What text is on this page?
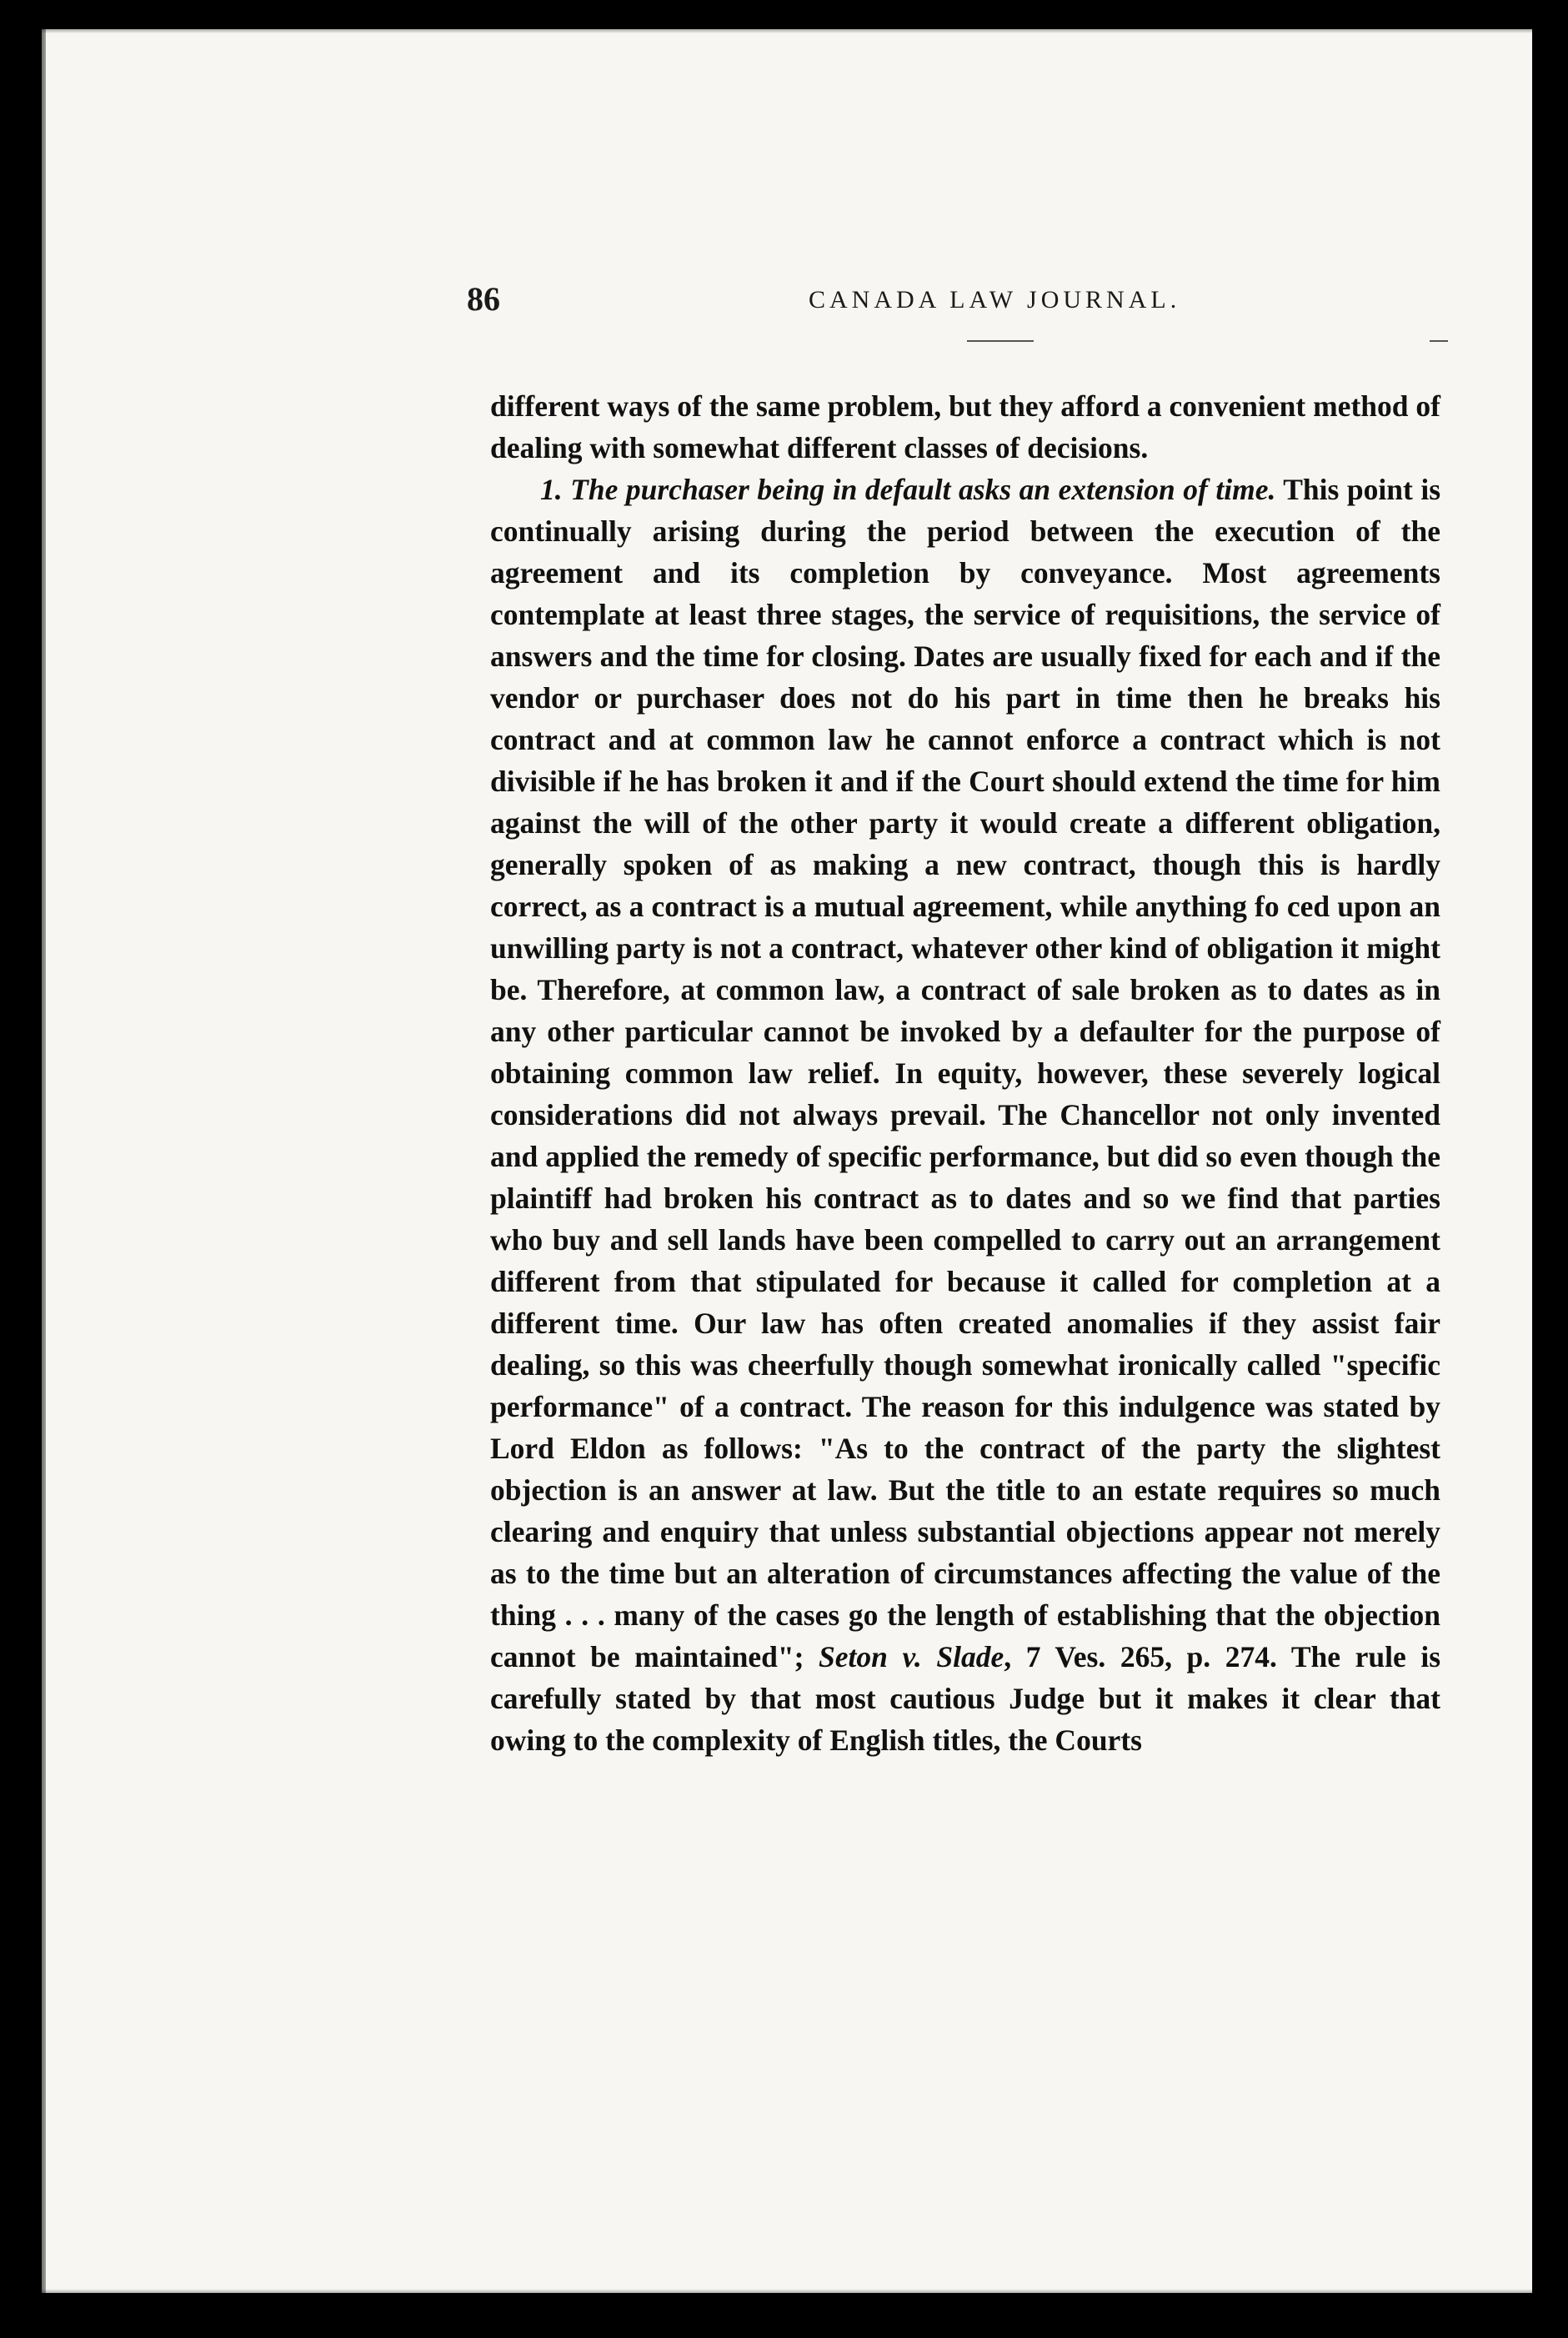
86	CANADA LAW JOURNAL.

different ways of the same problem, but they afford a convenient method of dealing with somewhat different classes of decisions.

1. The purchaser being in default asks an extension of time. This point is continually arising during the period between the execution of the agreement and its completion by conveyance. Most agreements contemplate at least three stages, the service of requisitions, the service of answers and the time for closing. Dates are usually fixed for each and if the vendor or purchaser does not do his part in time then he breaks his contract and at common law he cannot enforce a contract which is not divisible if he has broken it and if the Court should extend the time for him against the will of the other party it would create a different obligation, generally spoken of as making a new contract, though this is hardly correct, as a contract is a mutual agreement, while anything fo ced upon an unwilling party is not a contract, whatever other kind of obligation it might be. Therefore, at common law, a contract of sale broken as to dates as in any other particular cannot be invoked by a defaulter for the purpose of obtaining common law relief. In equity, however, these severely logical considerations did not always prevail. The Chancellor not only invented and applied the remedy of specific performance, but did so even though the plaintiff had broken his contract as to dates and so we find that parties who buy and sell lands have been compelled to carry out an arrangement different from that stipulated for because it called for completion at a different time. Our law has often created anomalies if they assist fair dealing, so this was cheerfully though somewhat ironically called "specific performance" of a contract. The reason for this indulgence was stated by Lord Eldon as follows: "As to the contract of the party the slightest objection is an answer at law. But the title to an estate requires so much clearing and enquiry that unless substantial objections appear not merely as to the time but an alteration of circumstances affecting the value of the thing . . . many of the cases go the length of establishing that the objection cannot be maintained"; Seton v. Slade, 7 Ves. 265, p. 274. The rule is carefully stated by that most cautious Judge but it makes it clear that owing to the complexity of English titles, the Courts
